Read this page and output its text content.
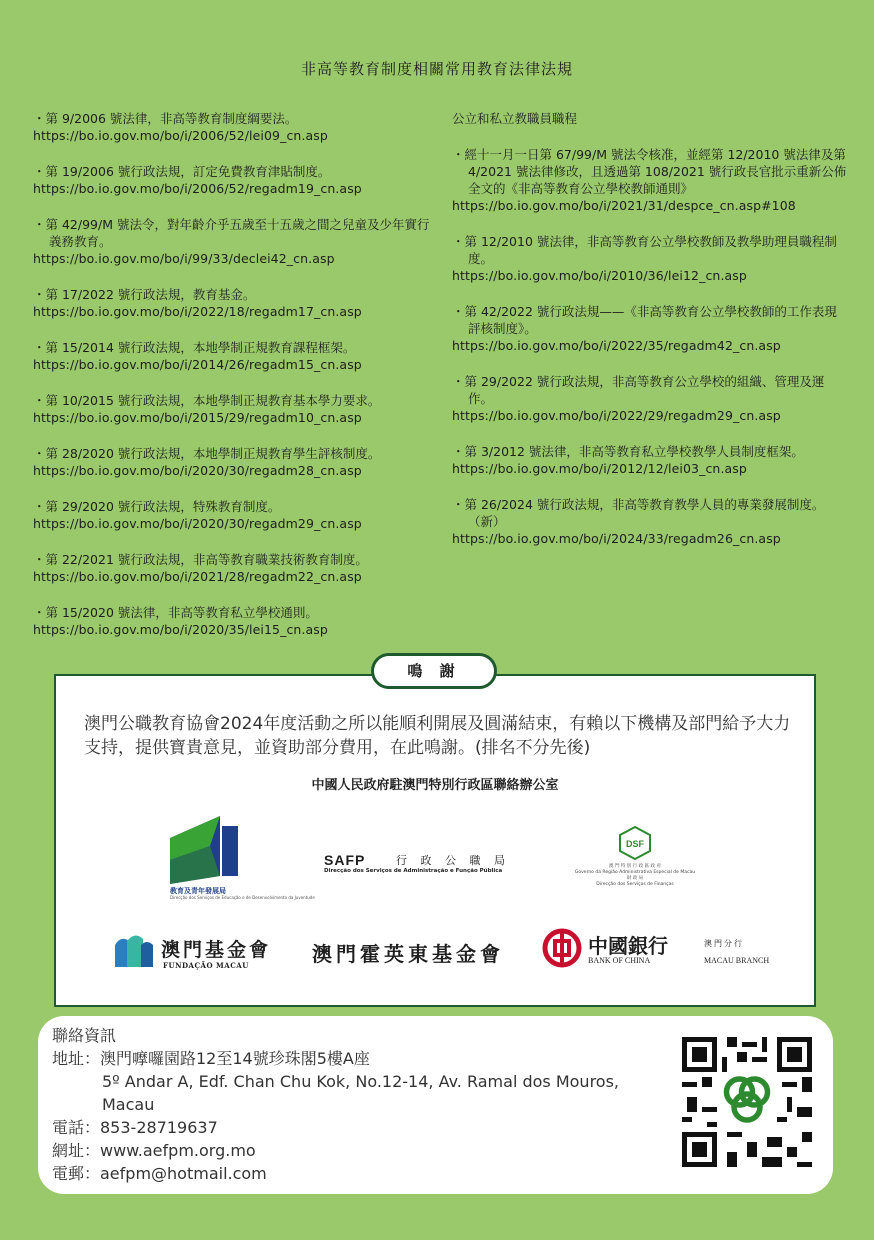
非高等教育制度相關常用教育法律法規
・第 9/2006 號法律，非高等教育制度綱要法。
https://bo.io.gov.mo/bo/i/2006/52/lei09_cn.asp
・第 19/2006 號行政法規，訂定免費教育津貼制度。
https://bo.io.gov.mo/bo/i/2006/52/regadm19_cn.asp
・第 42/99/M 號法令，對年齡介乎五歲至十五歲之間之兒童及少年實行義務教育。
https://bo.io.gov.mo/bo/i/99/33/declei42_cn.asp
・第 17/2022 號行政法規，教育基金。
https://bo.io.gov.mo/bo/i/2022/18/regadm17_cn.asp
・第 15/2014 號行政法規，本地學制正規教育課程框架。
https://bo.io.gov.mo/bo/i/2014/26/regadm15_cn.asp
・第 10/2015 號行政法規，本地學制正規教育基本學力要求。
https://bo.io.gov.mo/bo/i/2015/29/regadm10_cn.asp
・第 28/2020 號行政法規，本地學制正規教育學生評核制度。
https://bo.io.gov.mo/bo/i/2020/30/regadm28_cn.asp
・第 29/2020 號行政法規，特殊教育制度。
https://bo.io.gov.mo/bo/i/2020/30/regadm29_cn.asp
・第 22/2021 號行政法規，非高等教育職業技術教育制度。
https://bo.io.gov.mo/bo/i/2021/28/regadm22_cn.asp
・第 15/2020 號法律，非高等教育私立學校通則。
https://bo.io.gov.mo/bo/i/2020/35/lei15_cn.asp
公立和私立教職員職程
・經十一月一日第 67/99/M 號法令核准，並經第 12/2010 號法律及第 4/2021 號法律修改，且透過第 108/2021 號行政長官批示重新公佈全文的《非高等教育公立學校教師通則》
https://bo.io.gov.mo/bo/i/2021/31/despce_cn.asp#108
・第 12/2010 號法律，非高等教育公立學校教師及教學助理員職程制度。
https://bo.io.gov.mo/bo/i/2010/36/lei12_cn.asp
・第 42/2022 號行政法規——《非高等教育公立學校教師的工作表現評核制度》。
https://bo.io.gov.mo/bo/i/2022/35/regadm42_cn.asp
・第 29/2022 號行政法規，非高等教育公立學校的組織、管理及運作。
https://bo.io.gov.mo/bo/i/2022/29/regadm29_cn.asp
・第 3/2012 號法律，非高等教育私立學校教學人員制度框架。
https://bo.io.gov.mo/bo/i/2012/12/lei03_cn.asp
・第 26/2024 號行政法規，非高等教育教學人員的專業發展制度。（新）
https://bo.io.gov.mo/bo/i/2024/33/regadm26_cn.asp
鳴 謝
澳門公職教育協會2024年度活動之所以能順利開展及圓滿結束，有賴以下機構及部門給予大力支持，提供寶貴意見，並資助部分費用，在此鳴謝。(排名不分先後)
中國人民政府駐澳門特別行政區聯絡辦公室
教育及青年發展局
Direcção dos Serviços de Educação e de Desenvolvimento da Juventude
SAFP	行 政 公 職 局
Direcção dos Serviços de Administração e Função Pública
DSF
澳 門 特 別 行 政 區 政 府
Governo da Região Administrativa Especial de Macau
財 政 局
Direcção dos Serviços de Finanças
澳門基金會
FUNDAÇÃO MACAU	澳門霍英東基金會	中國銀行	澳門分行
BANK OF CHINA	MACAU BRANCH
聯絡資訊
地址：澳門嚤囉園路12至14號珍珠閣5樓A座
5º Andar A, Edf. Chan Chu Kok, No.12-14, Av. Ramal dos Mouros,
Macau
電話：853-28719637
網址：www.aefpm.org.mo
電郵：aefpm@hotmail.com
